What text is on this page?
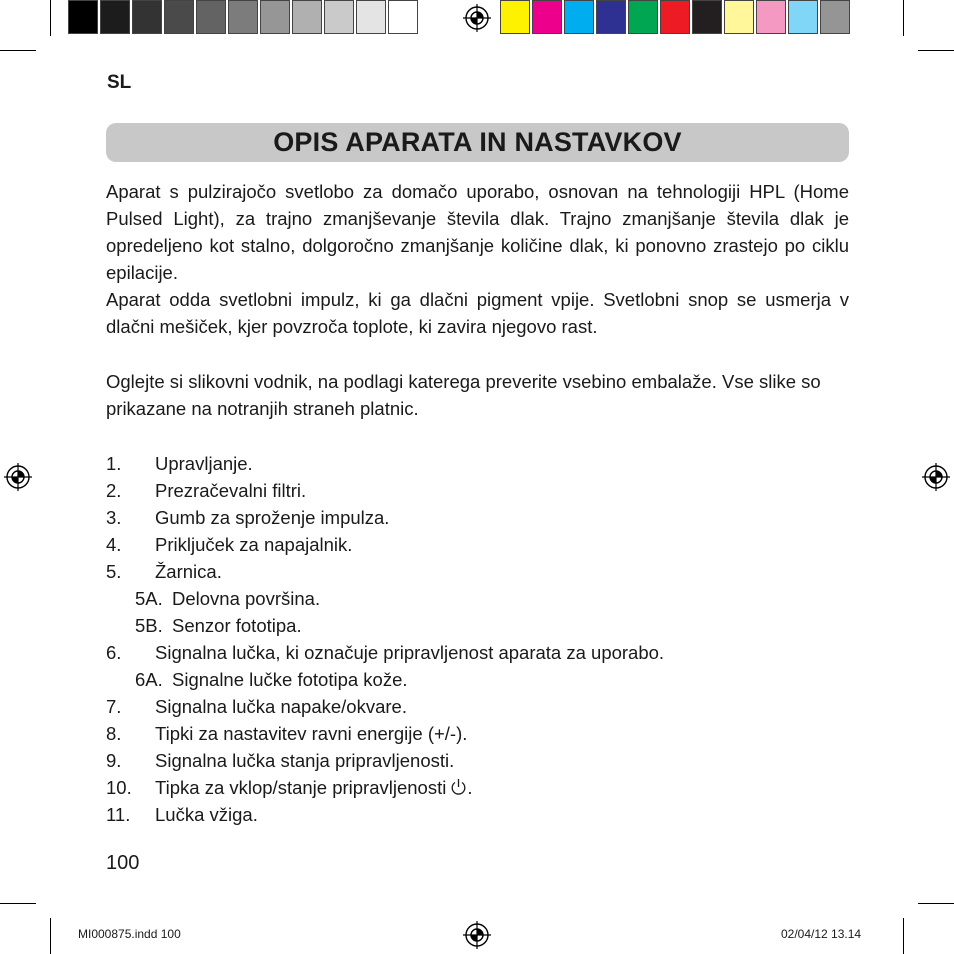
SL
OPIS APARATA IN NASTAVKOV

Aparat s pulzirajočo svetlobo za domačo uporabo, osnovan na tehnologiji HPL (Home Pulsed Light), za trajno zmanjševanje števila dlak. Trajno zmanjšanje števila dlak je opredeljeno kot stalno, dolgoročno zmanjšanje količine dlak, ki ponovno zrastejo po ciklu epilacije.

Aparat odda svetlobni impulz, ki ga dlačni pigment vpije. Svetlobni snop se usmerja v dlačni mešiček, kjer povzroča toplote, ki zavira njegovo rast.

Oglejte si slikovni vodnik, na podlagi katerega preverite vsebino embalaže. Vse slike so prikazane na notranjih straneh platnic.

1. Upravljanje.
2. Prezračevalni filtri.
3. Gumb za sproženje impulza.
4. Priključek za napajalnik.
5. Žarnica.
5A. Delovna površina.
5B. Senzor fototipa.
6. Signalna lučka, ki označuje pripravljenost aparata za uporabo.
6A. Signalne lučke fototipa kože.
7. Signalna lučka napake/okvare.
8. Tipki za nastavitev ravni energije (+/-).
9. Signalna lučka stanja pripravljenosti.
10. Tipka za vklop/stanje pripravljenosti .
11. Lučka vžiga.
100
MI000875.indd 100	02/04/12 13.14
